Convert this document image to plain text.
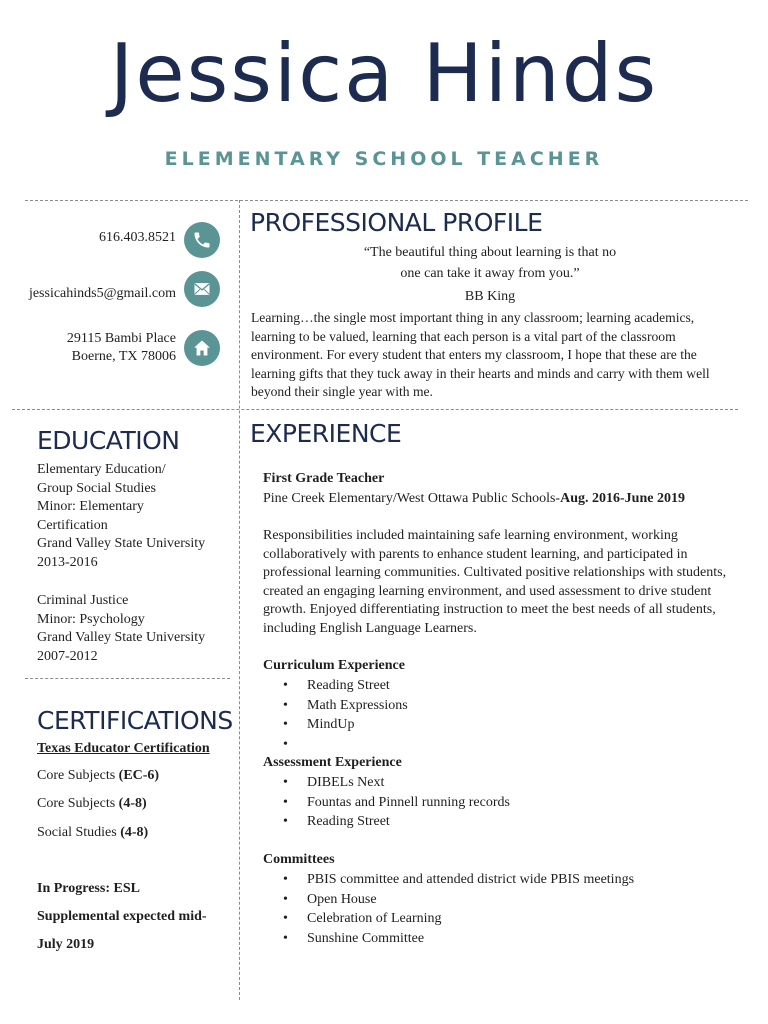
Jessica Hinds
ELEMENTARY SCHOOL TEACHER
616.403.8521
jessicahinds5@gmail.com
29115 Bambi Place
Boerne, TX 78006
PROFESSIONAL PROFILE
“The beautiful thing about learning is that no
one can take it away from you.”
BB King
Learning…the single most important thing in any classroom; learning academics, learning to be valued, learning that each person is a vital part of the classroom environment. For every student that enters my classroom, I hope that these are the learning gifts that they tuck away in their hearts and minds and carry with them well beyond their single year with me.
EDUCATION
Elementary Education/
Group Social Studies
Minor: Elementary
Certification
Grand Valley State University
2013-2016
Criminal Justice
Minor: Psychology
Grand Valley State University
2007-2012
CERTIFICATIONS
Texas Educator Certification
Core Subjects (EC-6)
Core Subjects (4-8)
Social Studies (4-8)
In Progress: ESL Supplemental expected mid-July 2019
EXPERIENCE
First Grade Teacher
Pine Creek Elementary/West Ottawa Public Schools-Aug. 2016-June 2019
Responsibilities included maintaining safe learning environment, working collaboratively with parents to enhance student learning, and participated in professional learning communities. Cultivated positive relationships with students, created an engaging learning environment, and used assessment to drive student growth. Enjoyed differentiating instruction to meet the best needs of all students, including English Language Learners.
Curriculum Experience
• Reading Street
• Math Expressions
• MindUp
•
Assessment Experience
• DIBELs Next
• Fountas and Pinnell running records
• Reading Street
Committees
• PBIS committee and attended district wide PBIS meetings
• Open House
• Celebration of Learning
• Sunshine Committee
